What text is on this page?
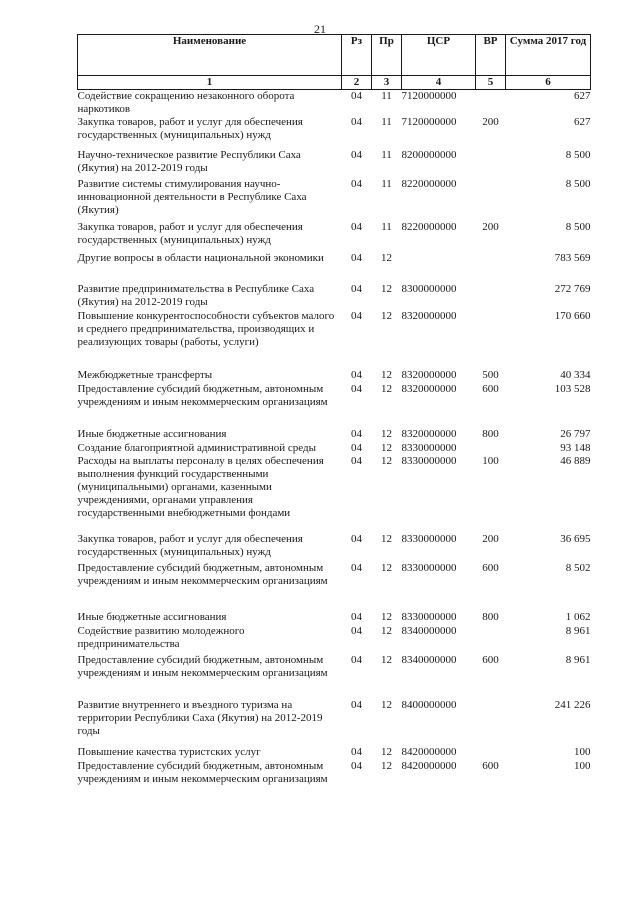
21
Наименование	Рз	Пр	ЦСР	ВР	Сумма 2017 год
1	2	3	4	5	6
Содействие сокращению незаконного оборота наркотиков	04	11	7120000000		627
Закупка товаров, работ и услуг для обеспечения государственных (муниципальных) нужд	04	11	7120000000	200	627
Научно-техническое развитие Республики Саха (Якутия) на 2012-2019 годы	04	11	8200000000		8 500
Развитие системы стимулирования научно-инновационной деятельности в Республике Саха (Якутия)	04	11	8220000000		8 500
Закупка товаров, работ и услуг для обеспечения государственных (муниципальных) нужд	04	11	8220000000	200	8 500
Другие вопросы в области национальной экономики	04	12			783 569
Развитие предпринимательства в Республике Саха (Якутия) на 2012-2019 годы	04	12	8300000000		272 769
Повышение конкурентоспособности субъектов малого и среднего предпринимательства, производящих и реализующих товары (работы, услуги)	04	12	8320000000		170 660
Межбюджетные трансферты	04	12	8320000000	500	40 334
Предоставление субсидий бюджетным, автономным учреждениям и иным некоммерческим организациям	04	12	8320000000	600	103 528
Иные бюджетные ассигнования	04	12	8320000000	800	26 797
Создание благоприятной административной среды	04	12	8330000000		93 148
Расходы на выплаты персоналу в целях обеспечения выполнения функций государственными (муниципальными) органами, казенными учреждениями, органами управления государственными внебюджетными фондами	04	12	8330000000	100	46 889
Закупка товаров, работ и услуг для обеспечения государственных (муниципальных) нужд	04	12	8330000000	200	36 695
Предоставление субсидий бюджетным, автономным учреждениям и иным некоммерческим организациям	04	12	8330000000	600	8 502
Иные бюджетные ассигнования	04	12	8330000000	800	1 062
Содействие развитию молодежного предпринимательства	04	12	8340000000		8 961
Предоставление субсидий бюджетным, автономным учреждениям и иным некоммерческим организациям	04	12	8340000000	600	8 961
Развитие внутреннего и въездного туризма на территории Республики Саха (Якутия) на 2012-2019 годы	04	12	8400000000		241 226
Повышение качества туристских услуг	04	12	8420000000		100
Предоставление субсидий бюджетным, автономным учреждениям и иным некоммерческим организациям	04	12	8420000000	600	100
